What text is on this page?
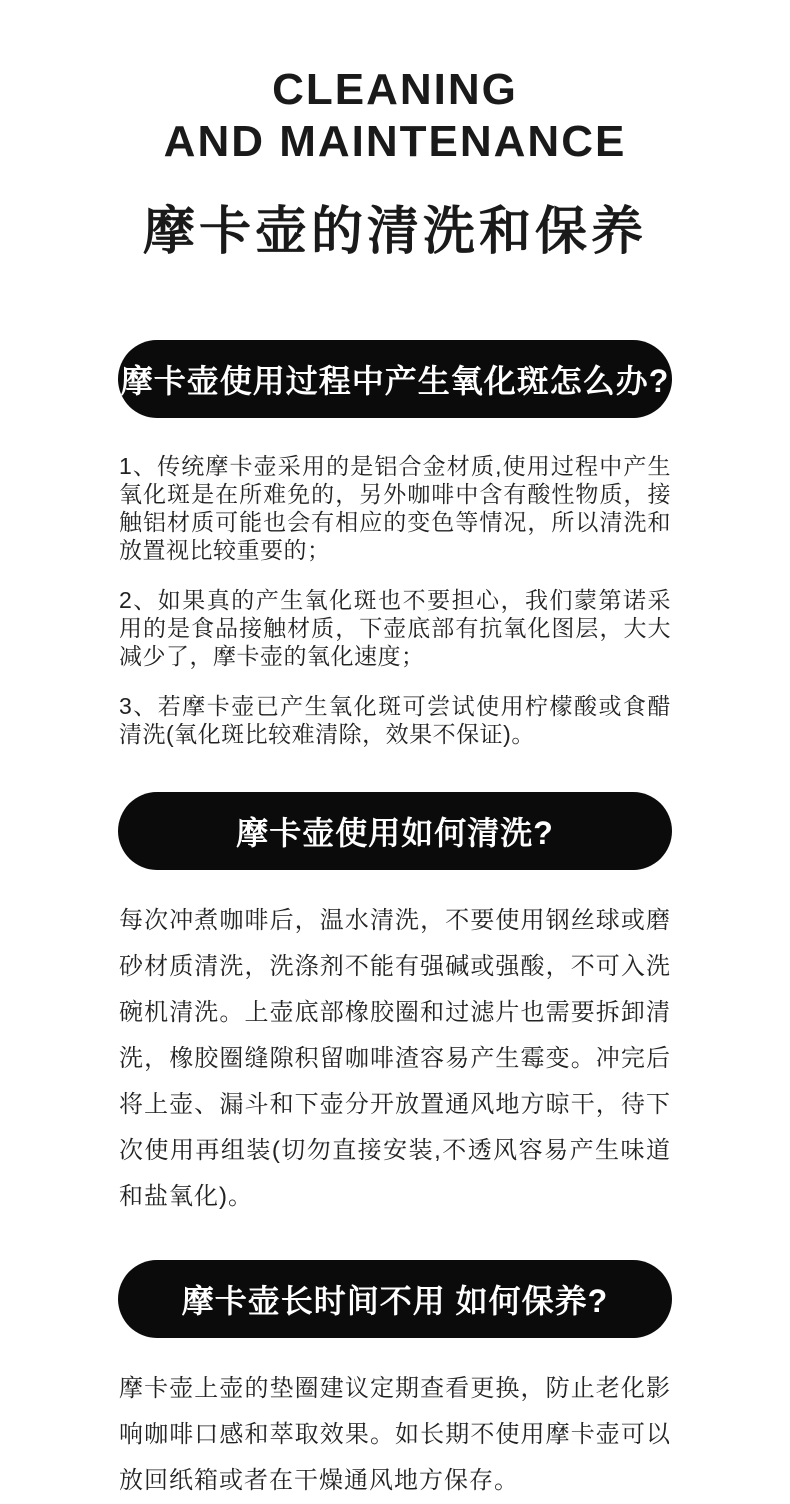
CLEANING
AND MAINTENANCE
摩卡壶的清洗和保养
摩卡壶使用过程中产生氧化斑怎么办?

1、传统摩卡壶采用的是铝合金材质,使用过程中产生氧化斑是在所难免的，另外咖啡中含有酸性物质，接触铝材质可能也会有相应的变色等情况，所以清洗和放置视比较重要的；

2、如果真的产生氧化斑也不要担心，我们蒙第诺采用的是食品接触材质，下壶底部有抗氧化图层，大大减少了，摩卡壶的氧化速度；

3、若摩卡壶已产生氧化斑可尝试使用柠檬酸或食醋清洗(氧化斑比较难清除，效果不保证)。

摩卡壶使用如何清洗?

每次冲煮咖啡后，温水清洗，不要使用钢丝球或磨砂材质清洗，洗涤剂不能有强碱或强酸，不可入洗碗机清洗。上壶底部橡胶圈和过滤片也需要拆卸清洗，橡胶圈缝隙积留咖啡渣容易产生霉变。冲完后将上壶、漏斗和下壶分开放置通风地方晾干，待下次使用再组装(切勿直接安装,不透风容易产生味道和盐氧化)。

摩卡壶长时间不用 如何保养?

摩卡壶上壶的垫圈建议定期查看更换，防止老化影响咖啡口感和萃取效果。如长期不使用摩卡壶可以放回纸箱或者在干燥通风地方保存。
